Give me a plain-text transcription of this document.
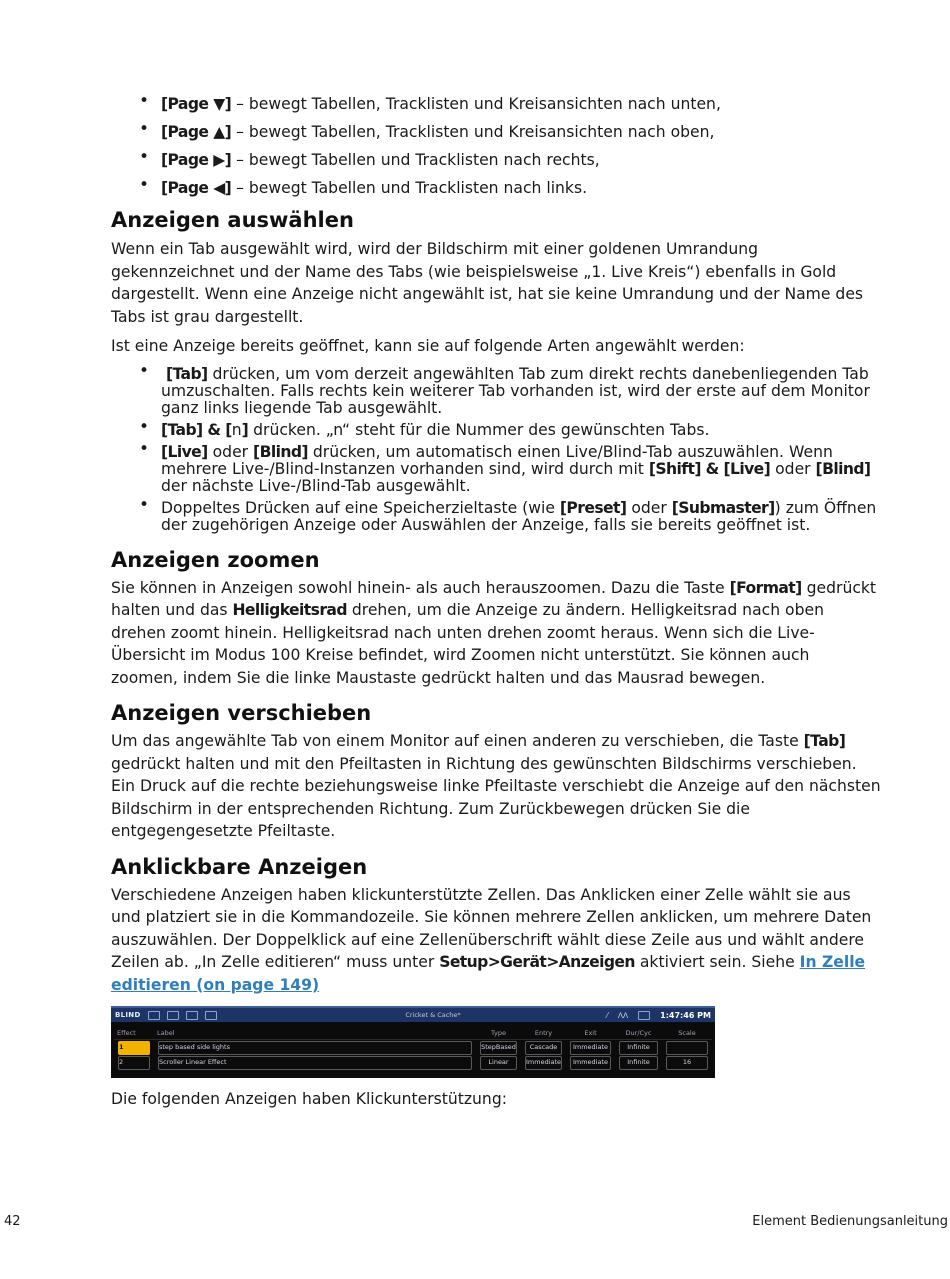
• [Page ▼] – bewegt Tabellen, Tracklisten und Kreisansichten nach unten,

• [Page ▲] – bewegt Tabellen, Tracklisten und Kreisansichten nach oben,

• [Page ▶] – bewegt Tabellen und Tracklisten nach rechts,

• [Page ◀] – bewegt Tabellen und Tracklisten nach links.

Anzeigen auswählen

Wenn ein Tab ausgewählt wird, wird der Bildschirm mit einer goldenen Umrandung gekennzeichnet und der Name des Tabs (wie beispielsweise „1. Live Kreis“) ebenfalls in Gold dargestellt. Wenn eine Anzeige nicht angewählt ist, hat sie keine Umrandung und der Name des Tabs ist grau dargestellt.

Ist eine Anzeige bereits geöffnet, kann sie auf folgende Arten angewählt werden:

• [Tab] drücken, um vom derzeit angewählten Tab zum direkt rechts danebenliegenden Tab umzuschalten. Falls rechts kein weiterer Tab vorhanden ist, wird der erste auf dem Monitor ganz links liegende Tab ausgewählt.

• [Tab] & [n] drücken. „n“ steht für die Nummer des gewünschten Tabs.

• [Live] oder [Blind] drücken, um automatisch einen Live/Blind-Tab auszuwählen. Wenn mehrere Live-/Blind-Instanzen vorhanden sind, wird durch mit [Shift] & [Live] oder [Blind] der nächste Live-/Blind-Tab ausgewählt.

• Doppeltes Drücken auf eine Speicherzieltaste (wie [Preset] oder [Submaster]) zum Öffnen der zugehörigen Anzeige oder Auswählen der Anzeige, falls sie bereits geöffnet ist.

Anzeigen zoomen

Sie können in Anzeigen sowohl hinein- als auch herauszoomen. Dazu die Taste [Format] gedrückt halten und das Helligkeitsrad drehen, um die Anzeige zu ändern. Helligkeitsrad nach oben drehen zoomt hinein. Helligkeitsrad nach unten drehen zoomt heraus. Wenn sich die Live-Übersicht im Modus 100 Kreise befindet, wird Zoomen nicht unterstützt. Sie können auch zoomen, indem Sie die linke Maustaste gedrückt halten und das Mausrad bewegen.

Anzeigen verschieben

Um das angewählte Tab von einem Monitor auf einen anderen zu verschieben, die Taste [Tab] gedrückt halten und mit den Pfeiltasten in Richtung des gewünschten Bildschirms verschieben. Ein Druck auf die rechte beziehungsweise linke Pfeiltaste verschiebt die Anzeige auf den nächsten Bildschirm in der entsprechenden Richtung. Zum Zurückbewegen drücken Sie die entgegengesetzte Pfeiltaste.

Anklickbare Anzeigen

Verschiedene Anzeigen haben klickunterstützte Zellen. Das Anklicken einer Zelle wählt sie aus und platziert sie in die Kommandozeile. Sie können mehrere Zellen anklicken, um mehrere Daten auszuwählen. Der Doppelklick auf eine Zellenüberschrift wählt diese Zeile aus und wählt andere Zeilen ab. „In Zelle editieren“ muss unter Setup>Gerät>Anzeigen aktiviert sein. Siehe In Zelle editieren (on page 149)

BLIND	Cricket & Cache*	⁄ ᐱᐱ	1:47:46 PM
Effect	Label	Type	Entry	Exit	Dur/Cyc	Scale
1	step based side lights	StepBased	Cascade	Immediate	Infinite
2	Scroller Linear Effect	Linear	Immediate	Immediate	Infinite	16

Die folgenden Anzeigen haben Klickunterstützung:

42	Element Bedienungsanleitung
